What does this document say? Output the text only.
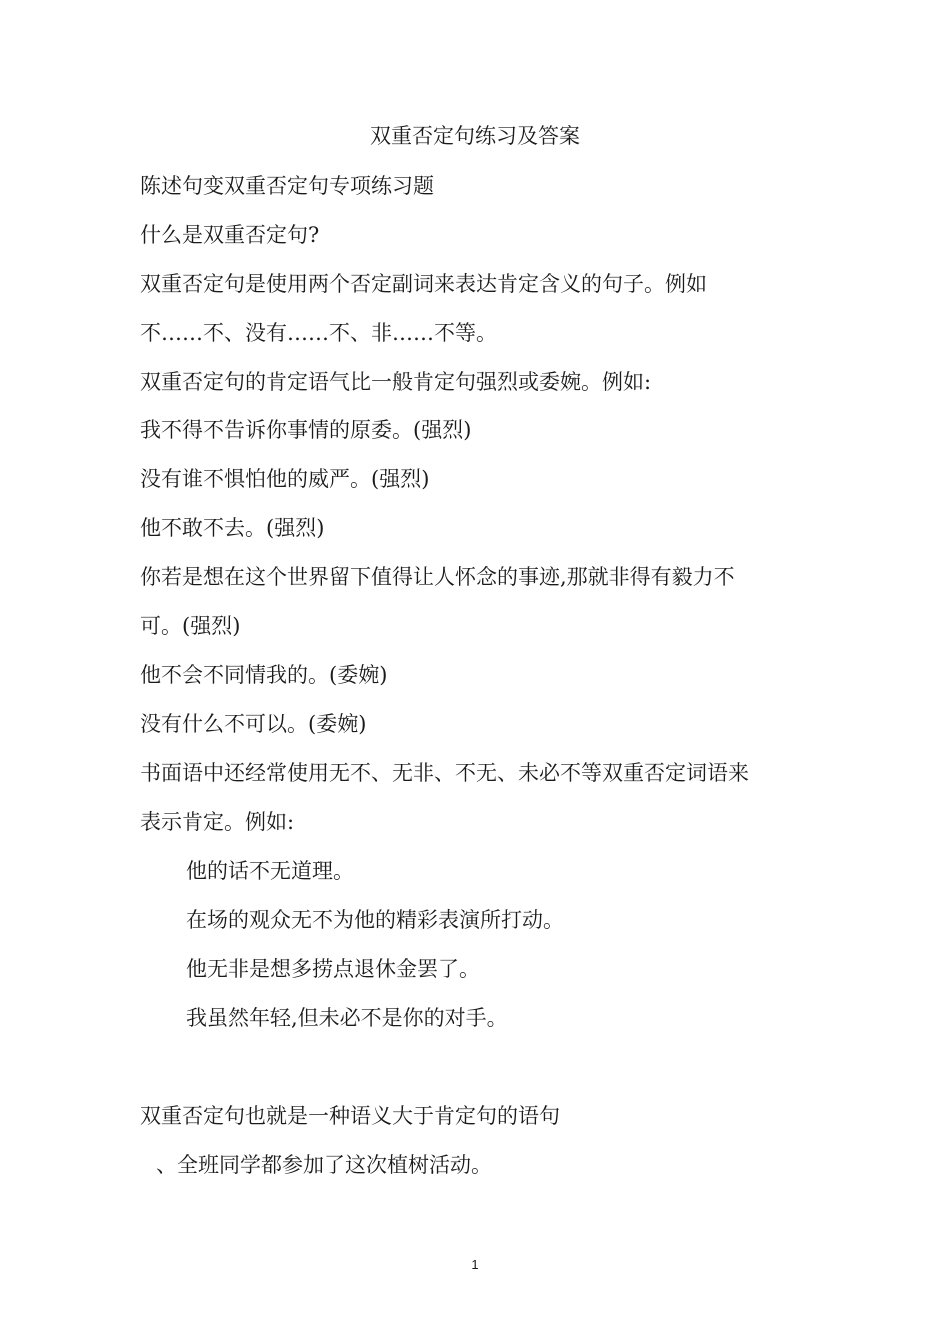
双重否定句练习及答案
陈述句变双重否定句专项练习题
什么是双重否定句?
双重否定句是使用两个否定副词来表达肯定含义的句子。例如
不……不、没有……不、非……不等。
双重否定句的肯定语气比一般肯定句强烈或委婉。例如:
我不得不告诉你事情的原委。(强烈)
没有谁不惧怕他的威严。(强烈)
他不敢不去。(强烈)
你若是想在这个世界留下值得让人怀念的事迹,那就非得有毅力不
可。(强烈)
他不会不同情我的。(委婉)
没有什么不可以。(委婉)
书面语中还经常使用无不、无非、不无、未必不等双重否定词语来
表示肯定。例如:
他的话不无道理。
在场的观众无不为他的精彩表演所打动。
他无非是想多捞点退休金罢了。
我虽然年轻,但未必不是你的对手。
双重否定句也就是一种语义大于肯定句的语句
、全班同学都参加了这次植树活动。
1
